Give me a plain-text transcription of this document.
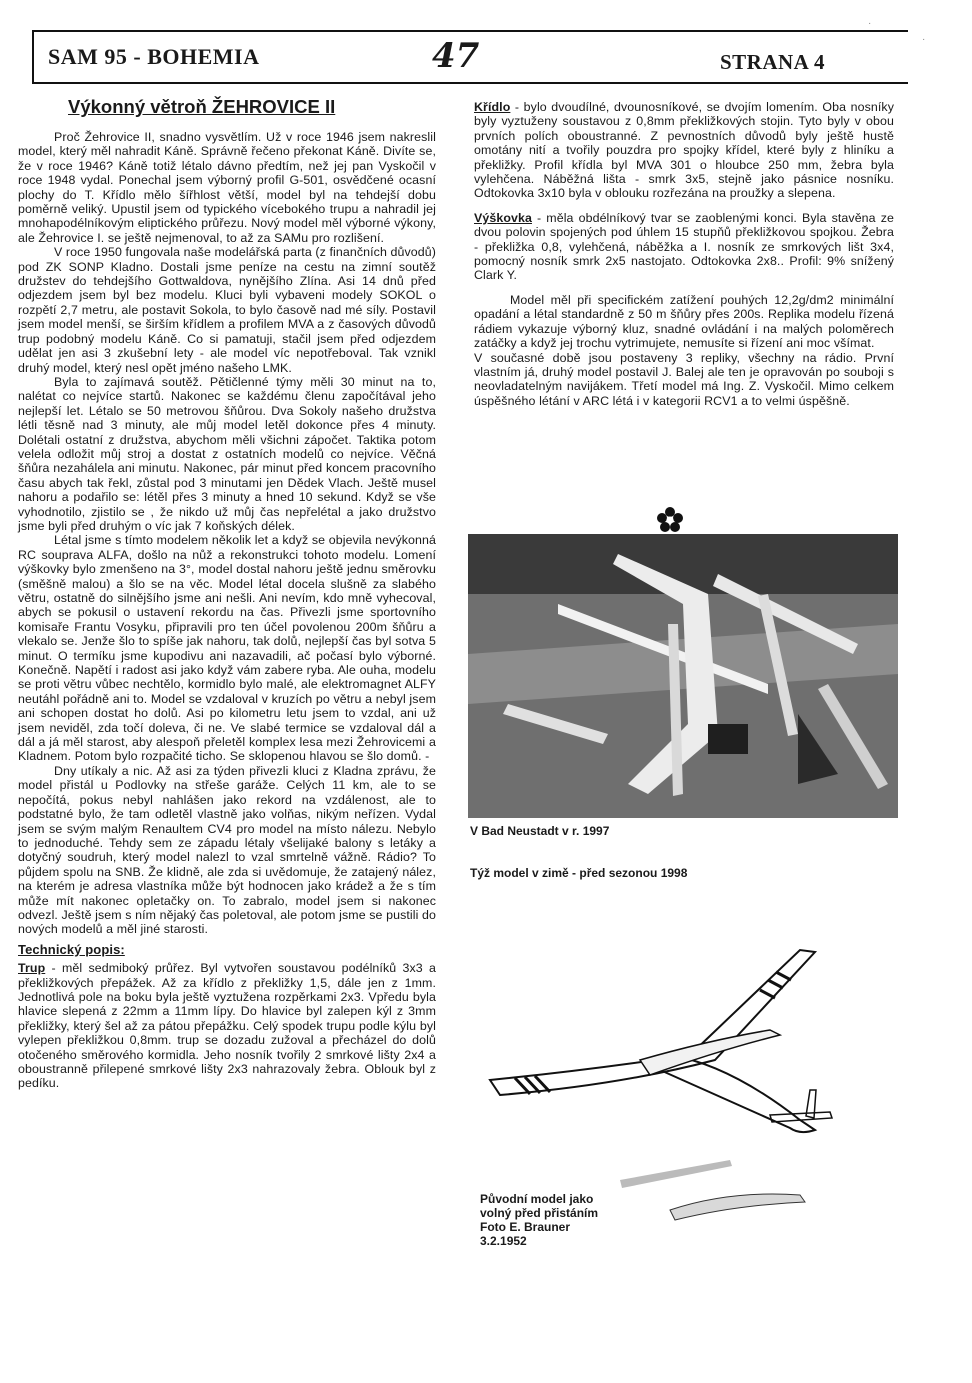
·
·
SAM 95 - BOHEMIA	47	STRANA 4
Výkonný větroň ŽEHROVICE II

Proč Žehrovice II, snadno vysvětlím. Už v roce 1946 jsem nakreslil model, který měl nahradit Káně. Správně řečeno překonat Káně. Divíte se, že v roce 1946? Káně totiž létalo dávno předtím, než jej pan Vyskočil v roce 1948 vydal. Ponechal jsem výborný profil G-501, osvědčené ocasní plochy do T. Křídlo mělo šířhlost větší, model byl na tehdejší dobu poměrně veliký. Upustil jsem od typického vícebokého trupu a nahradil jej mnohapodélníkovým eliptického průřezu. Nový model měl výborné výkony, ale Žehrovice I. se ještě nejmenoval, to až za SAMu pro rozlišení.

V roce 1950 fungovala naše modelářská parta (z finančních důvodů) pod ZK SONP Kladno. Dostali jsme peníze na cestu na zimní soutěž družstev do tehdejšího Gottwaldova, nynějšího Zlína. Asi 14 dnů před odjezdem jsem byl bez modelu. Kluci byli vybaveni modely SOKOL o rozpětí 2,7 metru, ale postavit Sokola, to bylo časově nad mé síly. Postavil jsem model menší, se širším křídlem a profilem MVA a z časových důvodů trup podobný modelu Káně. Co si pamatuji, stačil jsem před odjezdem udělat jen asi 3 zkušební lety - ale model víc nepotřeboval. Tak vznikl druhý model, který nesl opět jméno našeho LMK.

Byla to zajímavá soutěž. Pětičlenné týmy měli 30 minut na to, nalétat co nejvíce startů. Nakonec se každému členu započítával jeho nejlepší let. Létalo se 50 metrovou šňůrou. Dva Sokoly našeho družstva létli těsně nad 3 minuty, ale můj model letěl dokonce přes 4 minuty. Dolétali ostatní z družstva, abychom měli všichni zápočet. Taktika potom velela odložit můj stroj a dostat z ostatních modelů co nejvíce. Věčná šňůra nezahálela ani minutu. Nakonec, pár minut před koncem pracovního času abych tak řekl, zůstal pod 3 minutami jen Dědek Vlach. Ještě musel nahoru a podařilo se: létěl přes 3 minuty a hned 10 sekund. Když se vše vyhodnotilo, zjistilo se , že nikdo už můj čas nepřelétal a jako družstvo jsme byli před druhým o víc jak 7 koňských délek.

Létal jsme s tímto modelem několik let a když se objevila nevýkonná RC souprava ALFA, došlo na nůž a rekonstrukci tohoto modelu. Lomení výškovky bylo zmenšeno na 3°, model dostal nahoru ještě jednu směrovku (směšně malou) a šlo se na věc. Model létal docela slušně za slabého větru, ostatně do silnějšího jsme ani nešli. Ani nevím, kdo mně vyhecoval, abych se pokusil o ustavení rekordu na čas. Přivezli jsme sportovního komisaře Frantu Vosyku, připravili pro ten účel povolenou 200m šňůru a vlekalo se. Jenže šlo to spíše jak nahoru, tak dolů, nejlepší čas byl sotva 5 minut. O termíku jsme kupodivu ani nazavadili, ač počasí bylo výborné. Konečně. Napětí i radost asi jako když vám zabere ryba. Ale ouha, modelu se proti větru vůbec nechtělo, kormidlo bylo malé, ale elektromagnet ALFY neutáhl pořádně ani to. Model se vzdaloval v kruzích po větru a nebyl jsem ani schopen dostat ho dolů. Asi po kilometru letu jsem to vzdal, ani už jsem neviděl, zda točí doleva, či ne. Ve slabé termice se vzdaloval dál a dál a já měl starost, aby alespoň přeletěl komplex lesa mezi Žehrovicemi a Kladnem. Potom bylo rozpačité ticho. Se sklopenou hlavou se šlo domů. -

Dny utíkaly a nic. Až asi za týden přivezli kluci z Kladna zprávu, že model přistál u Podlovky na střeše garáže. Celých 11 km, ale to se nepočítá, pokus nebyl nahlášen jako rekord na vzdálenost, ale to podstatné bylo, že tam odletěl vlastně jako volňas, nikým neřízen. Vydal jsem se svým malým Renaultem CV4 pro model na místo nálezu. Nebylo to jednoduché. Tehdy sem ze západu létaly všelijaké balony s letáky a dotyčný soudruh, který model nalezl to vzal smrtelně vážně. Rádio? To půjdem spolu na SNB. Že klidně, ale zda si uvědomuje, že zatajený nález, na kterém je adresa vlastníka může být hodnocen jako krádež a že s tím může mít nakonec opletačky on. To zabralo, model jsem si nakonec odvezl. Ještě jsem s ním nějaký čas poletoval, ale potom jsme se pustili do nových modelů a měl jiné starosti.

Technický popis:

Trup - měl sedmiboký průřez. Byl vytvořen soustavou podélníků 3x3 a překližkových přepážek. Až za křídlo z překližky 1,5, dále jen z 1mm. Jednotlivá pole na boku byla ještě vyztužena rozpěrkami 2x3. Vpředu byla hlavice slepená z 22mm a 11mm lípy. Do hlavice byl zalepen kýl z 3mm překližky, který šel až za pátou přepážku. Celý spodek trupu podle kýlu byl vylepen překližkou 0,8mm. trup se dozadu zužoval a přecházel do dolů otočeného směrového kormidla. Jeho nosník tvořily 2 smrkové lišty 2x4 a oboustranně přilepené smrkové lišty 2x3 nahrazovaly žebra. Oblouk byl z pedíku.

Křídlo - bylo dvoudílné, dvounosníkové, se dvojím lomením. Oba nosníky byly vyztuženy soustavou z 0,8mm překližkových stojin. Tyto byly v obou prvních polích oboustranné. Z pevnostních důvodů byly ještě hustě omotány nití a tvořily pouzdra pro spojky křídel, které byly z hliníku a překližky. Profil křídla byl MVA 301 o hloubce 250 mm, žebra byla vylehčena. Náběžná lišta - smrk 3x5, stejně jako pásnice nosníku. Odtokovka 3x10 byla v oblouku rozřezána na proužky a slepena.

Výškovka - měla obdélníkový tvar se zaoblenými konci. Byla stavěna ze dvou polovin spojených pod úhlem 15 stupňů překližkovou spojkou. Žebra - překližka 0,8, vylehčená, náběžka a I. nosník ze smrkových lišt 3x4, pomocný nosník smrk 2x5 nastojato. Odtokovka 2x8.. Profil: 9% snížený Clark Y.

Model měl při specifickém zatížení pouhých 12,2g/dm2 minimální opadání a létal standardně z 50 m šňůry přes 200s. Replika modelu řízená rádiem vykazuje výborný kluz, snadné ovládání i na malých poloměrech zatáčky a když jej trochu vytrimujete, nemusíte si řízení ani moc všímat.

V současné době jsou postaveny 3 repliky, všechny na rádio. První vlastním já, druhý model postavil J. Balej ale ten je opravován po souboji s neovladatelným navijákem. Třetí model má Ing. Z. Vyskočil. Mimo celkem úspěšného létání v ARC létá i v kategorii RCV1 a to velmi úspěšně.

V Bad Neustadt v r. 1997
Týž model v zimě - před sezonou 1998
Původní model jako volný před přistáním Foto E. Brauner 3.2.1952
